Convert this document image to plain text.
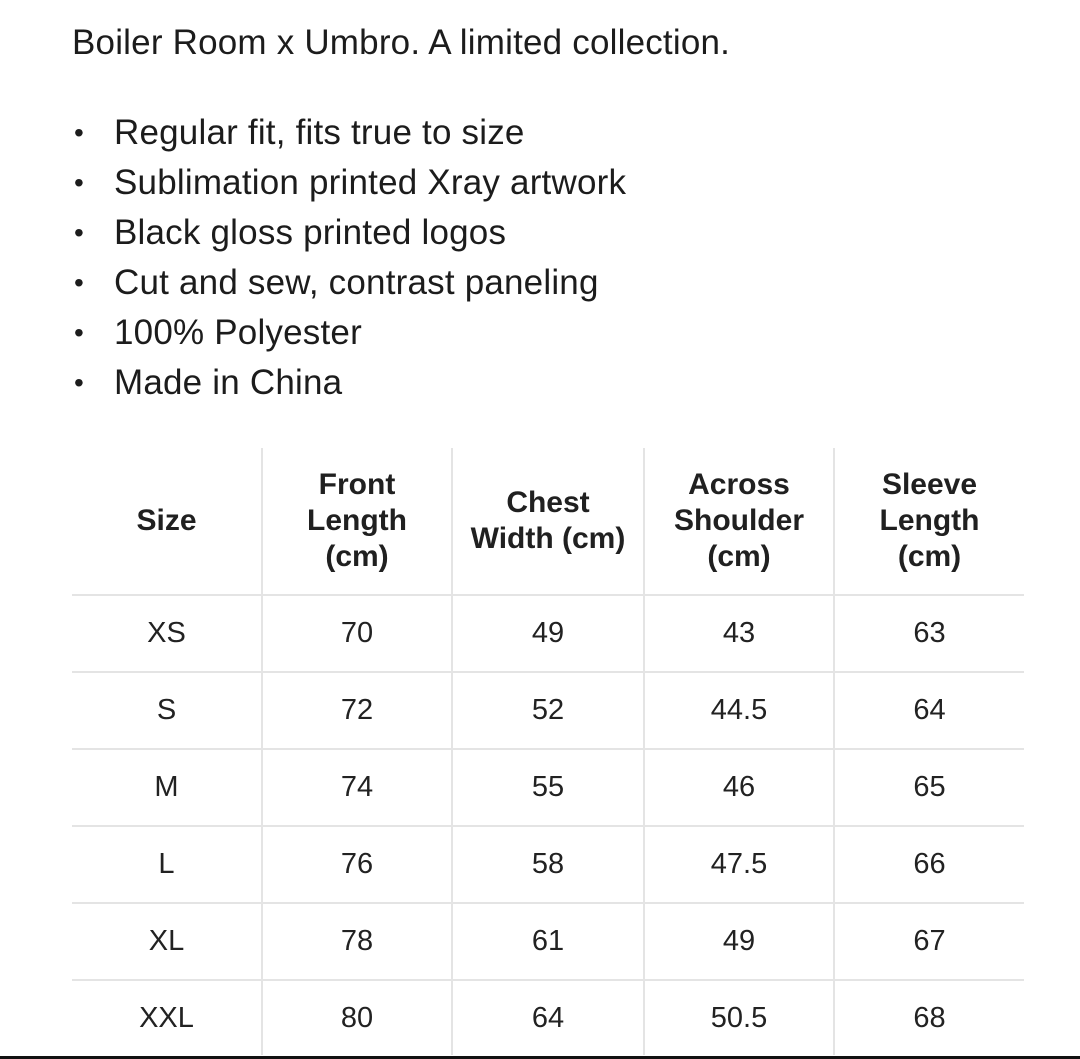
Boiler Room x Umbro. A limited collection.

• Regular fit, fits true to size
• Sublimation printed Xray artwork
• Black gloss printed logos
• Cut and sew, contrast paneling
• 100% Polyester
• Made in China
Size	Front
Length
(cm)	Chest
Width (cm)	Across
Shoulder
(cm)	Sleeve
Length
(cm)

XS	70	49	43	63
S	72	52	44.5	64
M	74	55	46	65
L	76	58	47.5	66
XL	78	61	49	67
XXL	80	64	50.5	68
